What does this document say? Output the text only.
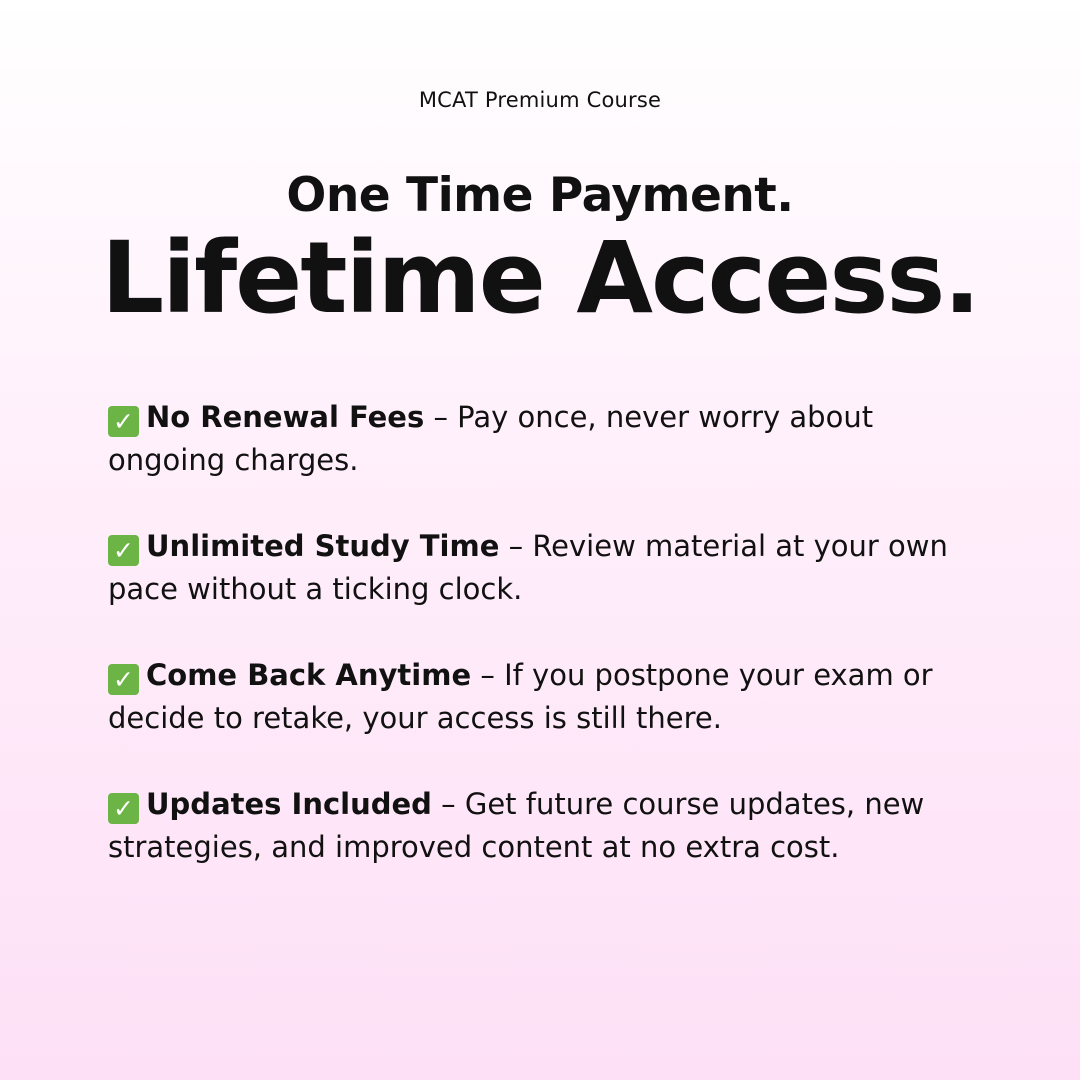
MCAT Premium Course
One Time Payment.
Lifetime Access.
✓ No Renewal Fees – Pay once, never worry about ongoing charges.
✓ Unlimited Study Time – Review material at your own pace without a ticking clock.
✓ Come Back Anytime – If you postpone your exam or decide to retake, your access is still there.
✓ Updates Included – Get future course updates, new strategies, and improved content at no extra cost.
